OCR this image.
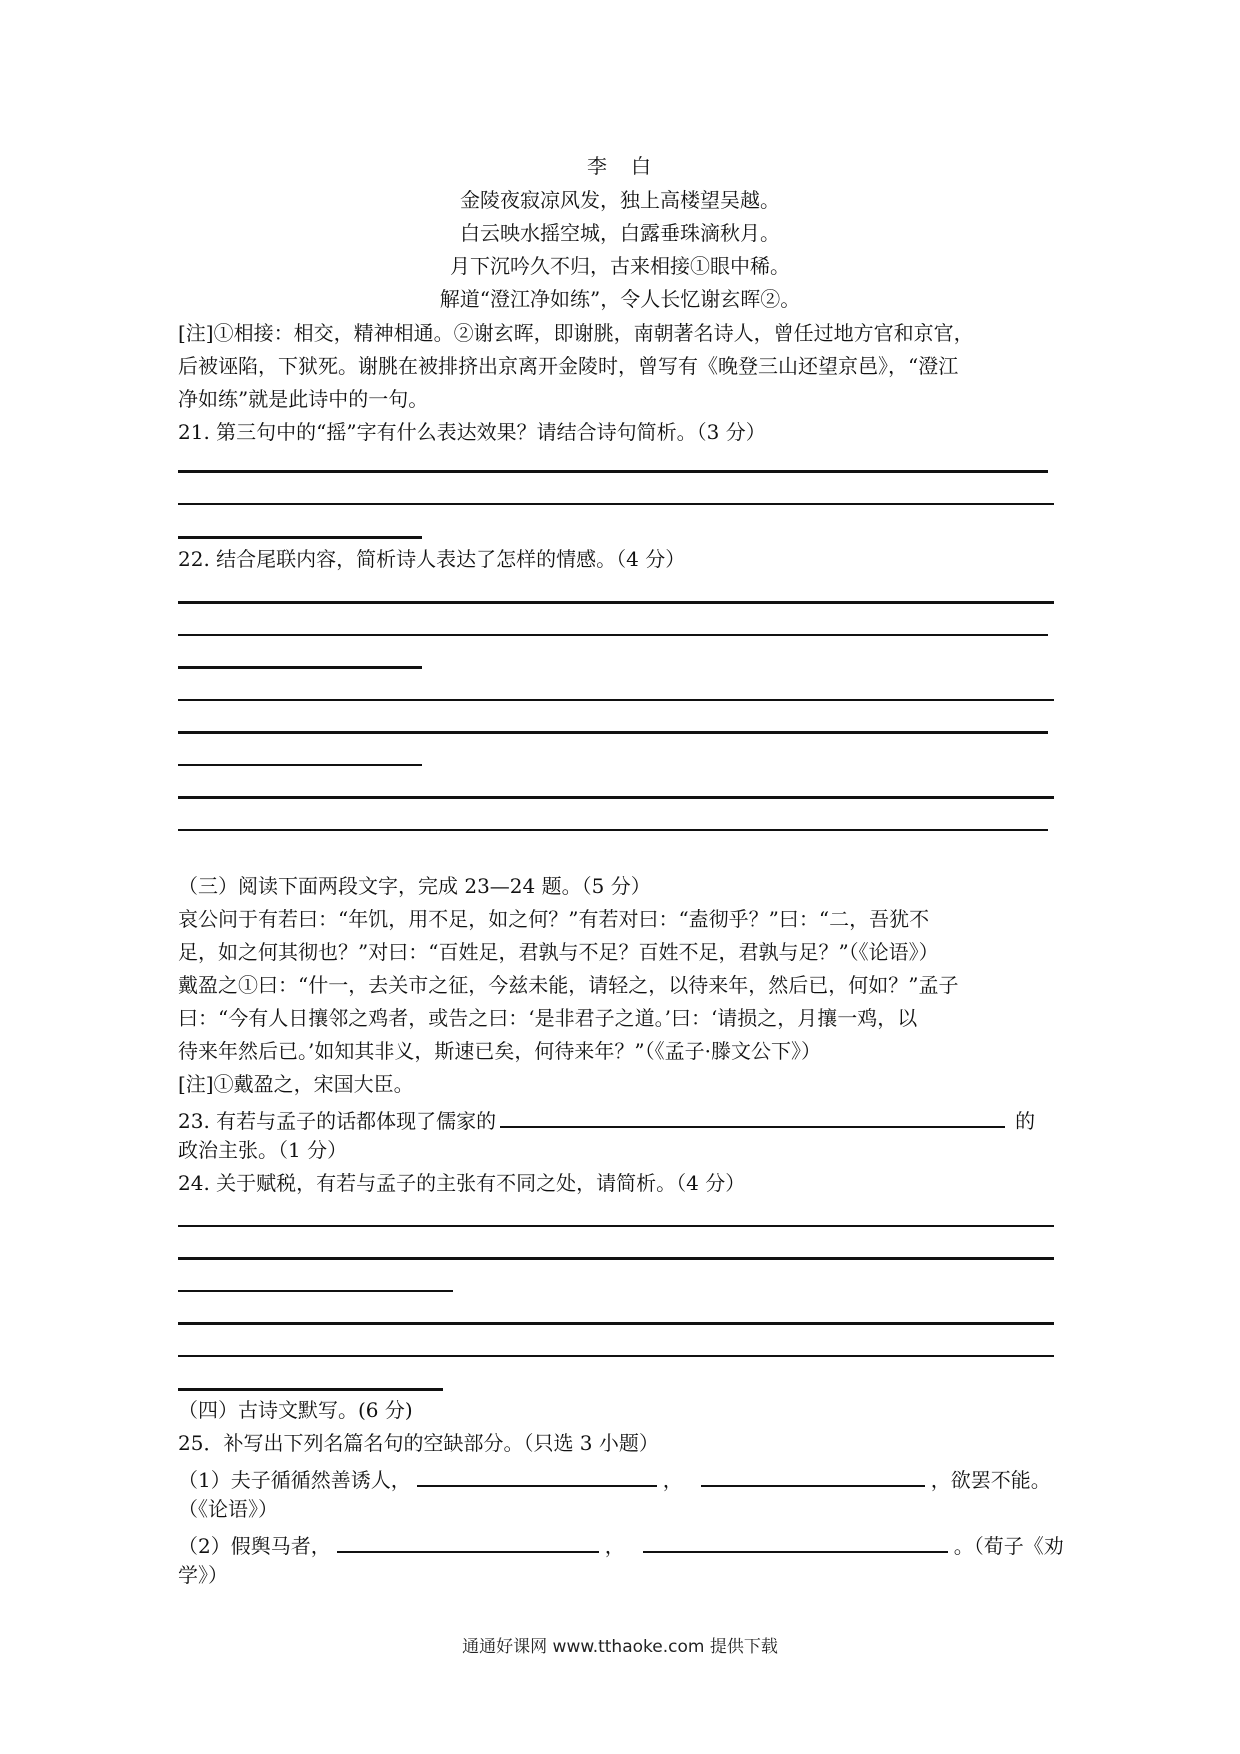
李　白
金陵夜寂凉风发，独上高楼望吴越。
白云映水摇空城，白露垂珠滴秋月。
月下沉吟久不归，古来相接①眼中稀。
解道“澄江净如练”，令人长忆谢玄晖②。
[注]①相接：相交，精神相通。②谢玄晖，即谢朓，南朝著名诗人，曾任过地方官和京官，
后被诬陷，下狱死。谢朓在被排挤出京离开金陵时，曾写有《晚登三山还望京邑》，“澄江
净如练”就是此诗中的一句。
21. 第三句中的“摇”字有什么表达效果？请结合诗句简析。（3 分）
22. 结合尾联内容，简析诗人表达了怎样的情感。（4 分）
（三）阅读下面两段文字，完成 23—24 题。（5 分）
哀公问于有若曰：“年饥，用不足，如之何？”有若对曰：“盍彻乎？”曰：“二，吾犹不
足，如之何其彻也？”对曰：“百姓足，君孰与不足？百姓不足，君孰与足？”（《论语》）
戴盈之①曰：“什一，去关市之征，今兹未能，请轻之，以待来年，然后已，何如？”孟子
曰：“今有人日攘邻之鸡者，或告之曰：‘是非君子之道。’曰：‘请损之，月攘一鸡，以
待来年然后已。’如知其非义，斯速已矣，何待来年？”（《孟子·滕文公下》）
[注]①戴盈之，宋国大臣。
23. 有若与孟子的话都体现了儒家的	的
政治主张。（1 分）
24. 关于赋税，有若与孟子的主张有不同之处，请简析。（4 分）
（四）古诗文默写。(6 分)
25．补写出下列名篇名句的空缺部分。（只选 3 小题）
（1）夫子循循然善诱人，	，	，欲罢不能。
（《论语》）
（2）假舆马者，	，	。（荀子《劝
学》）
通通好课网 www.tthaoke.com 提供下载
